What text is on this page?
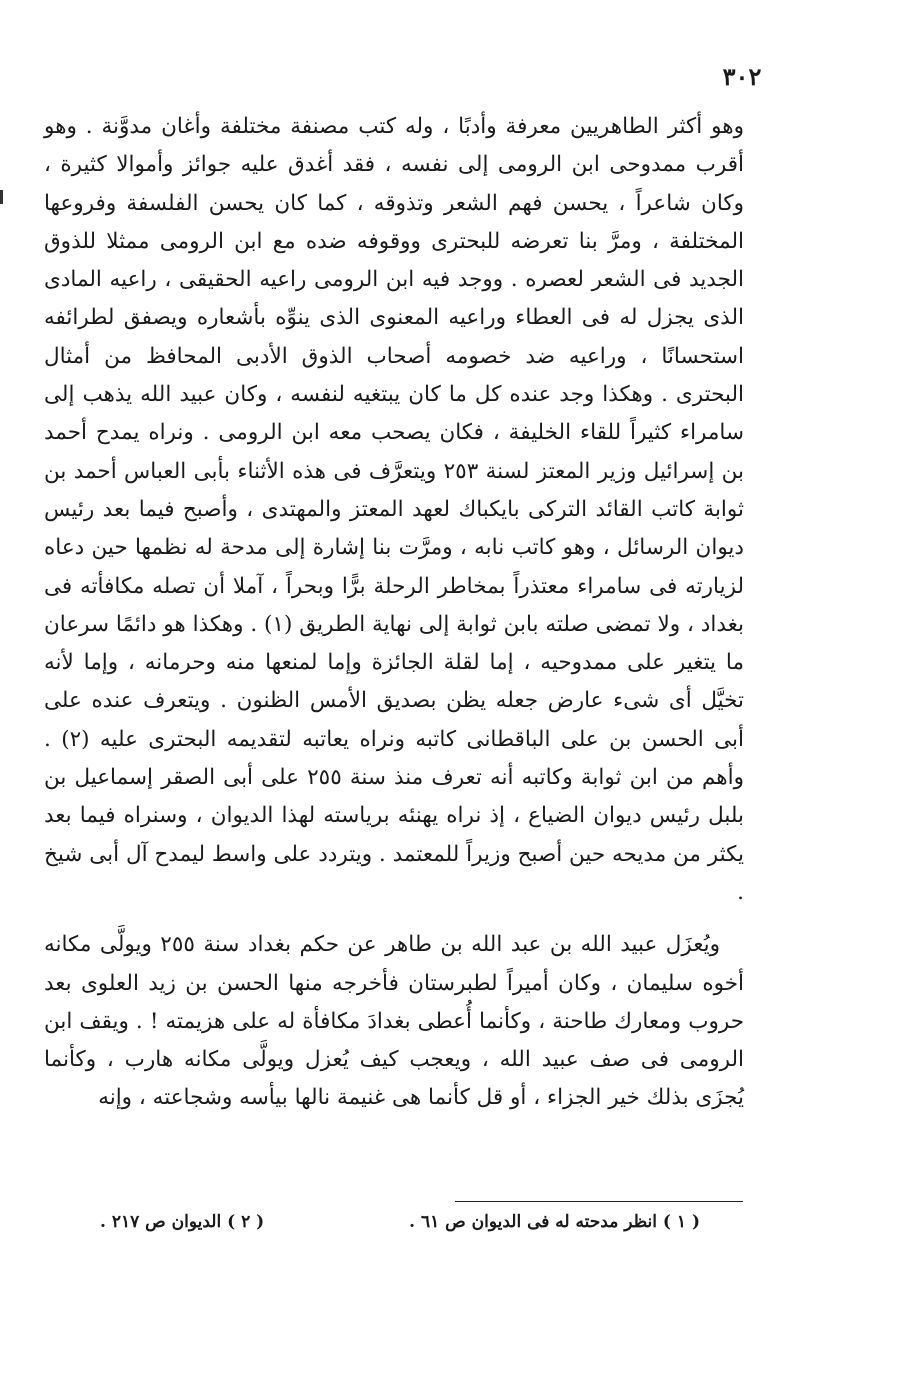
٣٠٢

وهو أكثر الطاهريين معرفة وأدبًا ، وله كتب مصنفة مختلفة وأغان مدوَّنة . وهو أقرب ممدوحى ابن الرومى إلى نفسه ، فقد أغدق عليه جوائز وأموالا كثيرة ، وكان شاعراً ، يحسن فهم الشعر وتذوقه ، كما كان يحسن الفلسفة وفروعها المختلفة ، ومرَّ بنا تعرضه للبحترى ووقوفه ضده مع ابن الرومى ممثلا للذوق الجديد فى الشعر لعصره . ووجد فيه ابن الرومى راعيه الحقيقى ، راعيه المادى الذى يجزل له فى العطاء وراعيه المعنوى الذى ينوِّه بأشعاره ويصفق لطرائفه استحسانًا ، وراعيه ضد خصومه أصحاب الذوق الأدبى المحافظ من أمثال البحترى . وهكذا وجد عنده كل ما كان يبتغيه لنفسه ، وكان عبيد الله يذهب إلى سامراء كثيراً للقاء الخليفة ، فكان يصحب معه ابن الرومى . ونراه يمدح أحمد بن إسرائيل وزير المعتز لسنة ٢٥٣ ويتعرَّف فى هذه الأثناء بأبى العباس أحمد بن ثوابة كاتب القائد التركى بايكباك لعهد المعتز والمهتدى ، وأصبح فيما بعد رئيس ديوان الرسائل ، وهو كاتب نابه ، ومرَّت بنا إشارة إلى مدحة له نظمها حين دعاه لزيارته فى سامراء معتذراً بمخاطر الرحلة برًّا وبحراً ، آملا أن تصله مكافأته فى بغداد ، ولا تمضى صلته بابن ثوابة إلى نهاية الطريق (١) . وهكذا هو دائمًا سرعان ما يتغير على ممدوحيه ، إما لقلة الجائزة وإما لمنعها منه وحرمانه ، وإما لأنه تخيَّل أى شىء عارض جعله يظن بصديق الأمس الظنون . ويتعرف عنده على أبى الحسن بن على الباقطانى كاتبه ونراه يعاتبه لتقديمه البحترى عليه (٢) . وأهم من ابن ثوابة وكاتبه أنه تعرف منذ سنة ٢٥٥ على أبى الصقر إسماعيل بن بلبل رئيس ديوان الضياع ، إذ نراه يهنئه برياسته لهذا الديوان ، وسنراه فيما بعد يكثر من مديحه حين أصبح وزيراً للمعتمد . ويتردد على واسط ليمدح آل أبى شيخ .

ويُعزَل عبيد الله بن عبد الله بن طاهر عن حكم بغداد سنة ٢٥٥ ويولَّى مكانه أخوه سليمان ، وكان أميراً لطبرستان فأخرجه منها الحسن بن زيد العلوى بعد حروب ومعارك طاحنة ، وكأنما أُعطى بغدادَ مكافأة له على هزيمته ! . ويقف ابن الرومى فى صف عبيد الله ، ويعجب كيف يُعزل ويولَّى مكانه هارب ، وكأنما يُجزَى بذلك خير الجزاء ، أو قل كأنما هى غنيمة نالها بيأسه وشجاعته ، وإنه

( ١ ) انظر مدحته له فى الديوان ص ٦١ .
( ٢ ) الديوان ص ٢١٧ .
